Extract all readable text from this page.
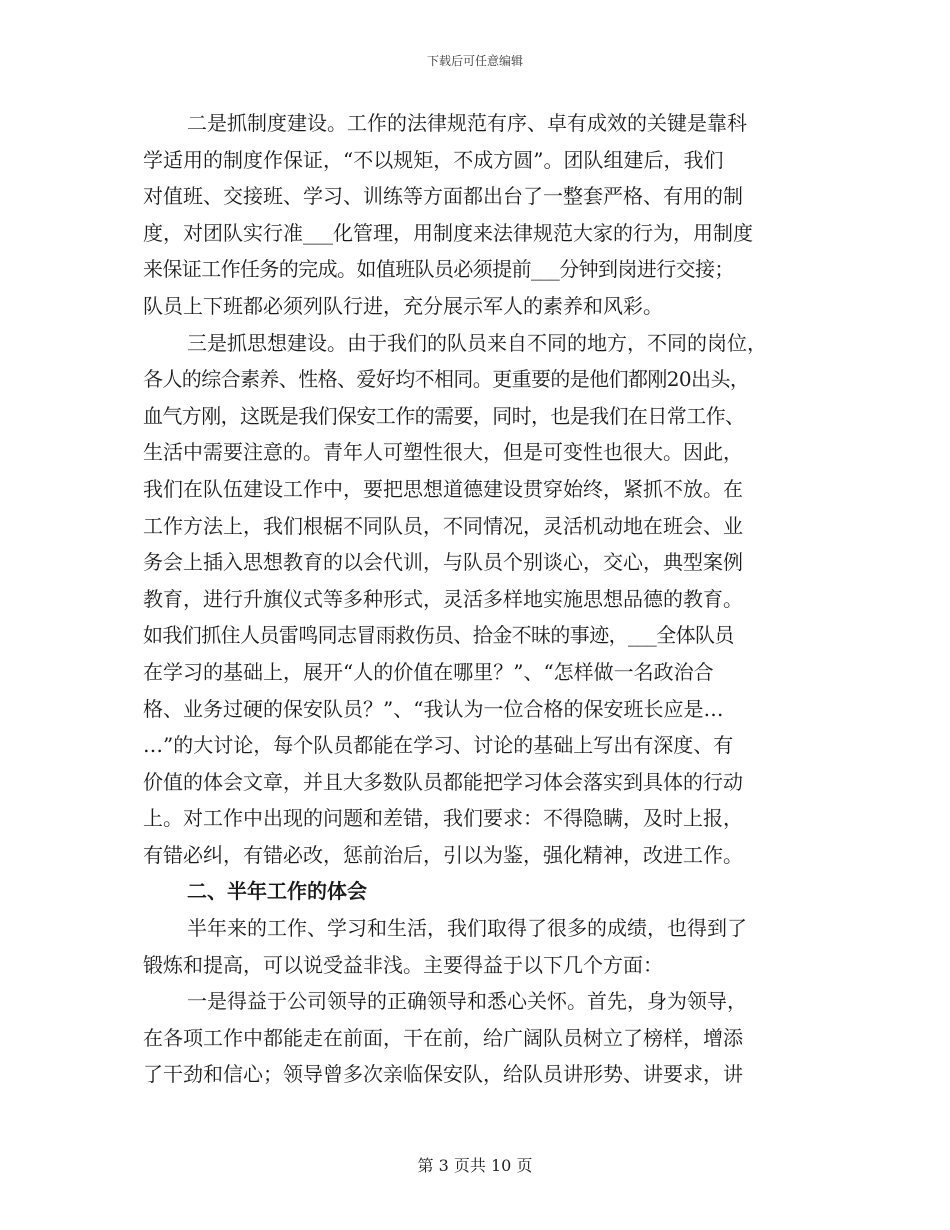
下载后可任意编辑
二是抓制度建设。工作的法律规范有序、卓有成效的关键是靠科
学适用的制度作保证，“不以规矩，不成方圆”。团队组建后，我们
对值班、交接班、学习、训练等方面都出台了一整套严格、有用的制
度，对团队实行准___化管理，用制度来法律规范大家的行为，用制度
来保证工作任务的完成。如值班队员必须提前___分钟到岗进行交接；
队员上下班都必须列队行进，充分展示军人的素养和风彩。
三是抓思想建设。由于我们的队员来自不同的地方，不同的岗位，
各人的综合素养、性格、爱好均不相同。更重要的是他们都刚20出头，
血气方刚，这既是我们保安工作的需要，同时，也是我们在日常工作、
生活中需要注意的。青年人可塑性很大，但是可变性也很大。因此，
我们在队伍建设工作中，要把思想道德建设贯穿始终，紧抓不放。在
工作方法上，我们根椐不同队员，不同情况，灵活机动地在班会、业
务会上插入思想教育的以会代训，与队员个别谈心，交心，典型案例
教育，进行升旗仪式等多种形式，灵活多样地实施思想品德的教育。
如我们抓住人员雷鸣同志冒雨救伤员、拾金不昧的事迹，___全体队员
在学习的基础上，展开“人的价值在哪里？”、“怎样做一名政治合
格、业务过硬的保安队员？”、“我认为一位合格的保安班长应是…
…”的大讨论，每个队员都能在学习、讨论的基础上写出有深度、有
价值的体会文章，并且大多数队员都能把学习体会落实到具体的行动
上。对工作中出现的问题和差错，我们要求：不得隐瞒，及时上报，
有错必纠，有错必改，惩前治后，引以为鉴，强化精神，改进工作。
二、半年工作的体会
半年来的工作、学习和生活，我们取得了很多的成绩，也得到了
锻炼和提高，可以说受益非浅。主要得益于以下几个方面：
一是得益于公司领导的正确领导和悉心关怀。首先，身为领导，
在各项工作中都能走在前面，干在前，给广阔队员树立了榜样，增添
了干劲和信心；领导曾多次亲临保安队，给队员讲形势、讲要求，讲
第 3 页共 10 页
